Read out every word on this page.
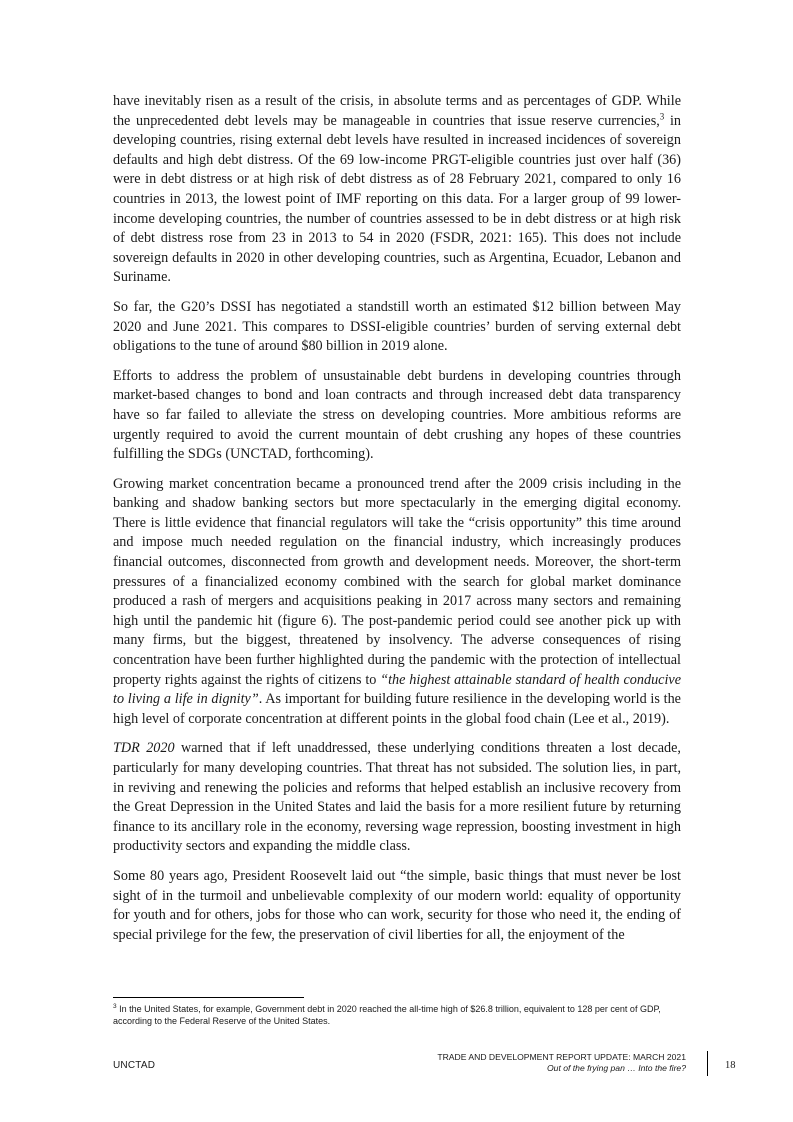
have inevitably risen as a result of the crisis, in absolute terms and as percentages of GDP. While the unprecedented debt levels may be manageable in countries that issue reserve currencies,$^3$ in developing countries, rising external debt levels have resulted in increased incidences of sovereign defaults and high debt distress. Of the 69 low-income PRGT-eligible countries just over half (36) were in debt distress or at high risk of debt distress as of 28 February 2021, compared to only 16 countries in 2013, the lowest point of IMF reporting on this data. For a larger group of 99 lower-income developing countries, the number of countries assessed to be in debt distress or at high risk of debt distress rose from 23 in 2013 to 54 in 2020 (FSDR, 2021: 165). This does not include sovereign defaults in 2020 in other developing countries, such as Argentina, Ecuador, Lebanon and Suriname.

So far, the G20’s DSSI has negotiated a standstill worth an estimated $12 billion between May 2020 and June 2021. This compares to DSSI-eligible countries’ burden of serving external debt obligations to the tune of around $80 billion in 2019 alone.

Efforts to address the problem of unsustainable debt burdens in developing countries through market-based changes to bond and loan contracts and through increased debt data transparency have so far failed to alleviate the stress on developing countries. More ambitious reforms are urgently required to avoid the current mountain of debt crushing any hopes of these countries fulfilling the SDGs (UNCTAD, forthcoming).

Growing market concentration became a pronounced trend after the 2009 crisis including in the banking and shadow banking sectors but more spectacularly in the emerging digital economy. There is little evidence that financial regulators will take the “crisis opportunity” this time around and impose much needed regulation on the financial industry, which increasingly produces financial outcomes, disconnected from growth and development needs. Moreover, the short-term pressures of a financialized economy combined with the search for global market dominance produced a rash of mergers and acquisitions peaking in 2017 across many sectors and remaining high until the pandemic hit (figure 6). The post-pandemic period could see another pick up with many firms, but the biggest, threatened by insolvency. The adverse consequences of rising concentration have been further highlighted during the pandemic with the protection of intellectual property rights against the rights of citizens to “the highest attainable standard of health conducive to living a life in dignity”. As important for building future resilience in the developing world is the high level of corporate concentration at different points in the global food chain (Lee et al., 2019).

TDR 2020 warned that if left unaddressed, these underlying conditions threaten a lost decade, particularly for many developing countries. That threat has not subsided. The solution lies, in part, in reviving and renewing the policies and reforms that helped establish an inclusive recovery from the Great Depression in the United States and laid the basis for a more resilient future by returning finance to its ancillary role in the economy, reversing wage repression, boosting investment in high productivity sectors and expanding the middle class.

Some 80 years ago, President Roosevelt laid out “the simple, basic things that must never be lost sight of in the turmoil and unbelievable complexity of our modern world: equality of opportunity for youth and for others, jobs for those who can work, security for those who need it, the ending of special privilege for the few, the preservation of civil liberties for all, the enjoyment of the

$^3$ In the United States, for example, Government debt in 2020 reached the all-time high of $26.8 trillion, equivalent to 128 per cent of GDP, according to the Federal Reserve of the United States.
UNCTAD
TRADE AND DEVELOPMENT REPORT UPDATE: MARCH 2021
Out of the frying pan … Into the fire?	18
